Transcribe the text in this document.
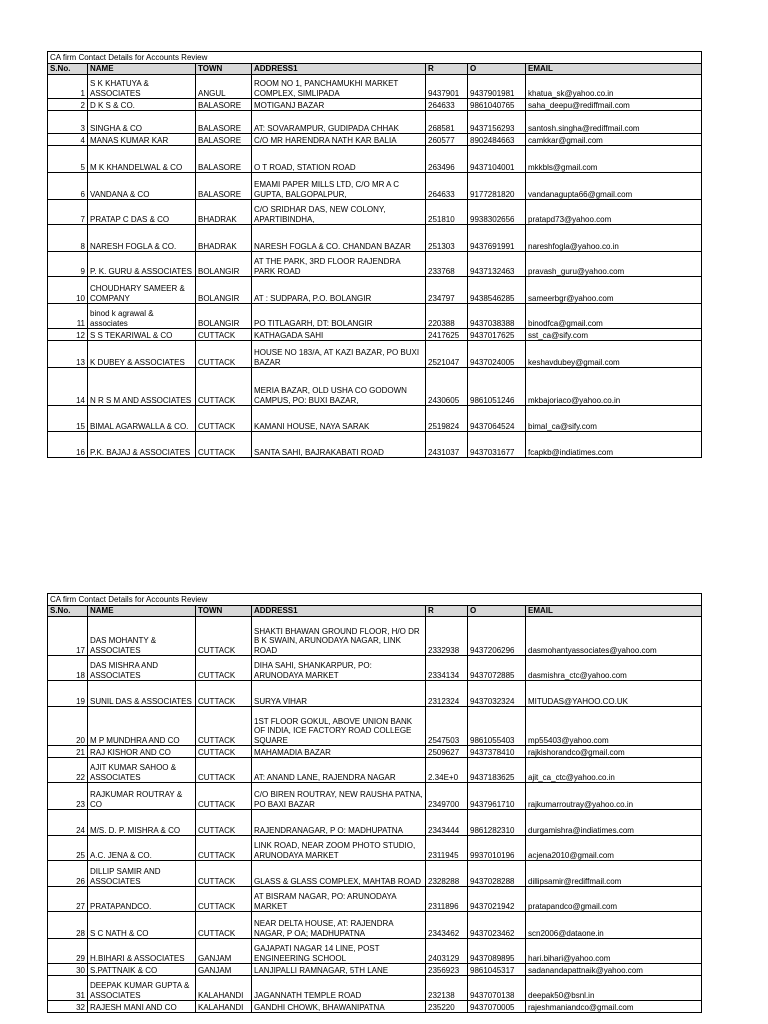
CA firm Contact Details for Accounts Review						
S.No.	NAME	TOWN	ADDRESS1	R	O	EMAIL
1	S K KHATUYA & ASSOCIATES	ANGUL	ROOM NO 1, PANCHAMUKHI MARKET COMPLEX, SIMLIPADA	9437901	9437901981	khatua_sk@yahoo.co.in
2	D K S & CO.	BALASORE	MOTIGANJ BAZAR	264633	9861040765	saha_deepu@rediffmail.com
3	SINGHA & CO	BALASORE	AT: SOVARAMPUR, GUDIPADA CHHAK	268581	9437156293	santosh.singha@rediffmail.com
4	MANAS KUMAR KAR	BALASORE	C/O MR HARENDRA NATH KAR BALIA	260577	8902484663	camkkar@gmail.com
5	M K KHANDELWAL & CO	BALASORE	O T ROAD, STATION ROAD	263496	9437104001	mkkbls@gmail.com
6	VANDANA & CO	BALASORE	EMAMI PAPER MILLS LTD, C/O MR A C GUPTA, BALGOPALPUR,	264633	9177281820	vandanagupta66@gmail.com
7	PRATAP C DAS & CO	BHADRAK	C/O SRIDHAR DAS, NEW COLONY, APARTIBINDHA,	251810	9938302656	pratapd73@yahoo.com
8	NARESH FOGLA & CO.	BHADRAK	NARESH FOGLA & CO. CHANDAN BAZAR	251303	9437691991	nareshfogla@yahoo.co.in
9	P. K. GURU & ASSOCIATES	BOLANGIR	AT THE PARK, 3RD FLOOR RAJENDRA PARK ROAD	233768	9437132463	pravash_guru@yahoo.com
10	CHOUDHARY SAMEER & COMPANY	BOLANGIR	AT : SUDPARA, P.O. BOLANGIR	234797	9438546285	sameerbgr@yahoo.com
11	binod k agrawal & associates	BOLANGIR	PO TITLAGARH, DT: BOLANGIR	220388	9437038388	binodfca@gmail.com
12	S S TEKARIWAL & CO	CUTTACK	KATHAGADA SAHI	2417625	9437017625	sst_ca@sify.com
13	K DUBEY & ASSOCIATES	CUTTACK	HOUSE NO 183/A, AT KAZI BAZAR, PO BUXI BAZAR	2521047	9437024005	keshavdubey@gmail.com
14	N R S M AND ASSOCIATES	CUTTACK	MERIA BAZAR, OLD USHA CO GODOWN CAMPUS, PO: BUXI BAZAR,	2430605	9861051246	mkbajoriaco@yahoo.co.in
15	BIMAL AGARWALLA & CO.	CUTTACK	KAMANI HOUSE, NAYA SARAK	2519824	9437064524	bimal_ca@sify.com
16	P.K. BAJAJ & ASSOCIATES	CUTTACK	SANTA SAHI, BAJRAKABATI ROAD	2431037	9437031677	fcapkb@indiatimes.com
CA firm Contact Details for Accounts Review						
S.No.	NAME	TOWN	ADDRESS1	R	O	EMAIL
17	DAS MOHANTY & ASSOCIATES	CUTTACK	SHAKTI BHAWAN GROUND FLOOR, H/O DR B K SWAIN, ARUNODAYA NAGAR, LINK ROAD	2332938	9437206296	dasmohantyassociates@yahoo.com
18	DAS MISHRA AND ASSOCIATES	CUTTACK	DIHA SAHI, SHANKARPUR, PO: ARUNODAYA MARKET	2334134	9437072885	dasmishra_ctc@yahoo.com
19	SUNIL DAS & ASSOCIATES	CUTTACK	SURYA VIHAR	2312324	9437032324	MITUDAS@YAHOO.CO.UK
20	M P MUNDHRA AND CO	CUTTACK	1ST FLOOR GOKUL, ABOVE UNION BANK OF INDIA, ICE FACTORY ROAD COLLEGE SQUARE	2547503	9861055403	mp55403@yahoo.com
21	RAJ KISHOR AND CO	CUTTACK	MAHAMADIA BAZAR	2509627	9437378410	rajkishorandco@gmail.com
22	AJIT KUMAR SAHOO & ASSOCIATES	CUTTACK	AT: ANAND LANE, RAJENDRA NAGAR	2.34E+0	9437183625	ajit_ca_ctc@yahoo.co.in
23	RAJKUMAR ROUTRAY & CO	CUTTACK	C/O BIREN ROUTRAY, NEW RAUSHA PATNA, PO BAXI BAZAR	2349700	9437961710	rajkumarroutray@yahoo.co.in
24	M/S. D. P. MISHRA & CO	CUTTACK	RAJENDRANAGAR, P O: MADHUPATNA	2343444	9861282310	durgamishra@indiatimes.com
25	A.C. JENA & CO.	CUTTACK	LINK ROAD, NEAR ZOOM PHOTO STUDIO, ARUNODAYA MARKET	2311945	9937010196	acjena2010@gmail.com
26	DILLIP SAMIR AND ASSOCIATES	CUTTACK	GLASS & GLASS COMPLEX, MAHTAB ROAD	2328288	9437028288	dillipsamir@rediffmail.com
27	PRATAPANDCO.	CUTTACK	AT BISRAM NAGAR, PO: ARUNODAYA MARKET	2311896	9437021942	pratapandco@gmail.com
28	S C NATH & CO	CUTTACK	NEAR DELTA HOUSE, AT: RAJENDRA NAGAR, P OA; MADHUPATNA	2343462	9437023462	scn2006@dataone.in
29	H.BIHARI & ASSOCIATES	GANJAM	GAJAPATI NAGAR 14 LINE, POST ENGINEERING SCHOOL	2403129	9437089895	hari.bihari@yahoo.com
30	S.PATTNAIK & CO	GANJAM	LANJIPALLI RAMNAGAR, 5TH LANE	2356923	9861045317	sadanandapattnaik@yahoo.com
31	DEEPAK KUMAR GUPTA & ASSOCIATES	KALAHANDI	JAGANNATH TEMPLE ROAD	232138	9437070138	deepak50@bsnl.in
32	RAJESH MANI AND CO	KALAHANDI	GANDHI CHOWK, BHAWANIPATNA	235220	9437070005	rajeshmaniandco@gmail.com
